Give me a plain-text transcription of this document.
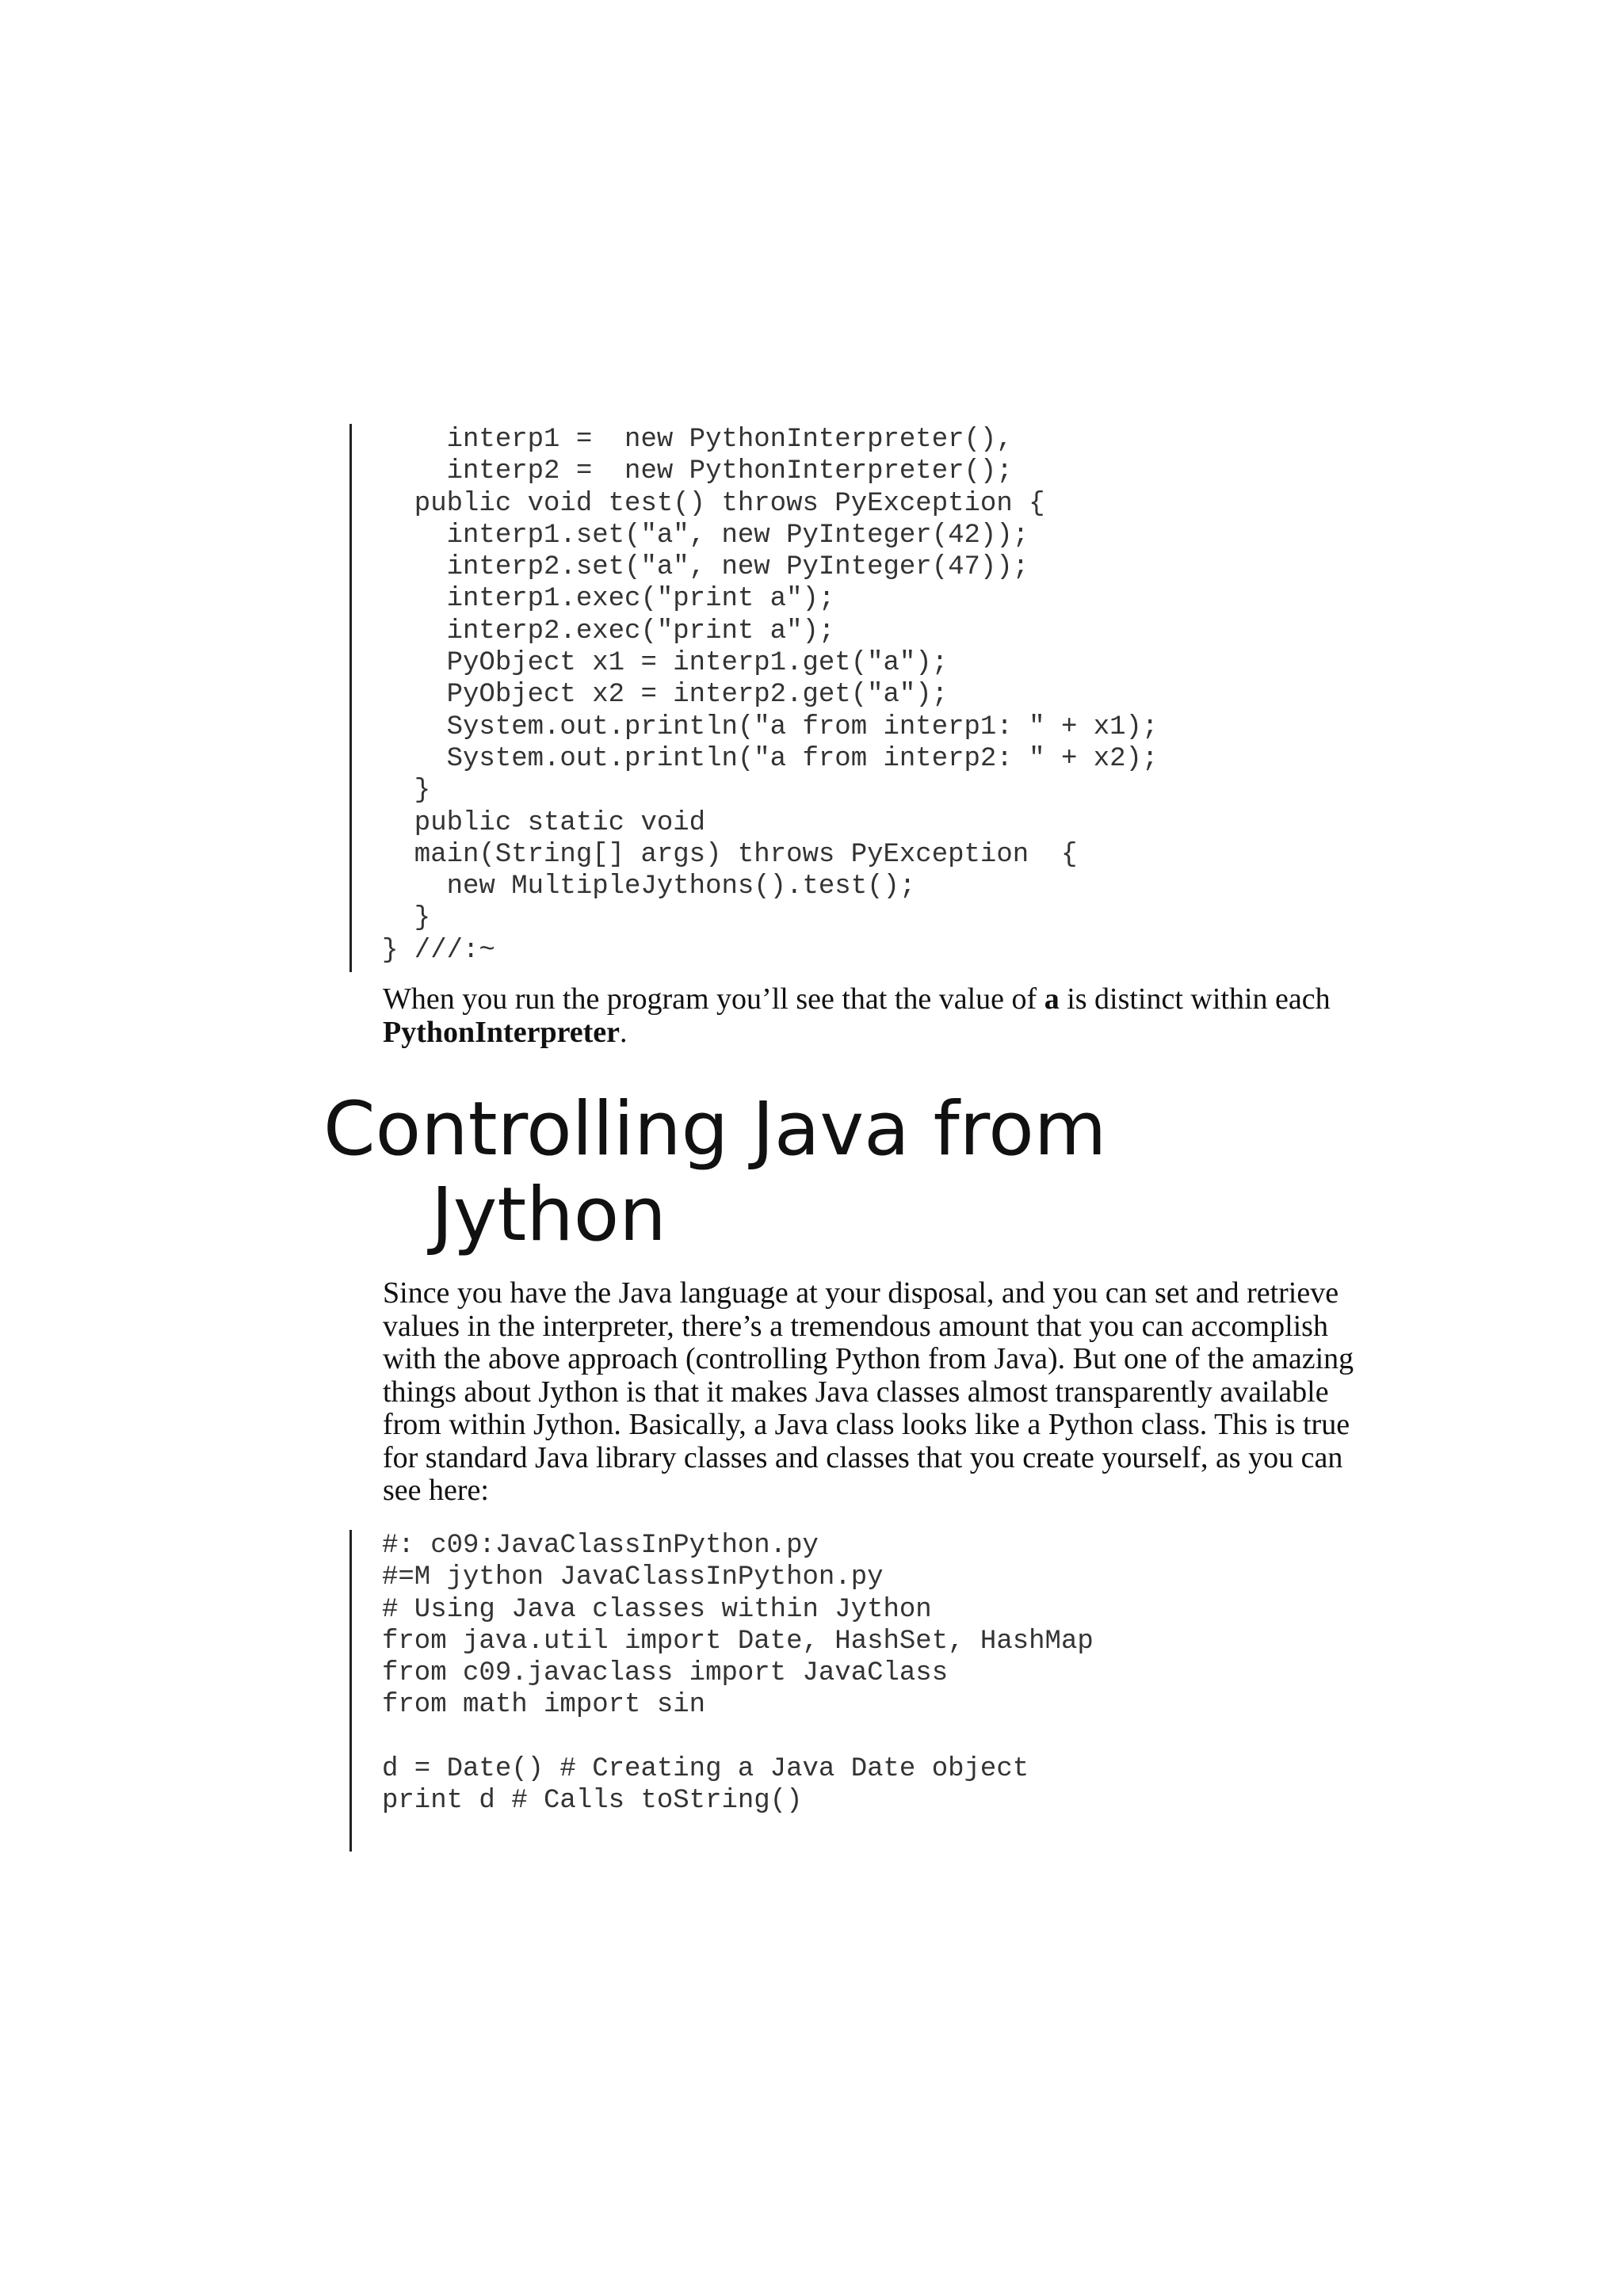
interp1 =  new PythonInterpreter(),
interp2 =  new PythonInterpreter();
public void test() throws PyException {
interp1.set("a", new PyInteger(42));
interp2.set("a", new PyInteger(47));
interp1.exec("print a");
interp2.exec("print a");
PyObject x1 = interp1.get("a");
PyObject x2 = interp2.get("a");
System.out.println("a from interp1: " + x1);
System.out.println("a from interp2: " + x2);
}
public static void
main(String[] args) throws PyException  {
new MultipleJythons().test();
}
} ///:~

When you run the program you’ll see that the value of a is distinct within each PythonInterpreter.

Controlling Java from
Jython

Since you have the Java language at your disposal, and you can set and retrieve values in the interpreter, there’s a tremendous amount that you can accomplish with the above approach (controlling Python from Java). But one of the amazing things about Jython is that it makes Java classes almost transparently available from within Jython. Basically, a Java class looks like a Python class. This is true for standard Java library classes and classes that you create yourself, as you can see here:

#: c09:JavaClassInPython.py
#=M jython JavaClassInPython.py
# Using Java classes within Jython
from java.util import Date, HashSet, HashMap
from c09.javaclass import JavaClass
from math import sin

d = Date() # Creating a Java Date object
print d # Calls toString()
